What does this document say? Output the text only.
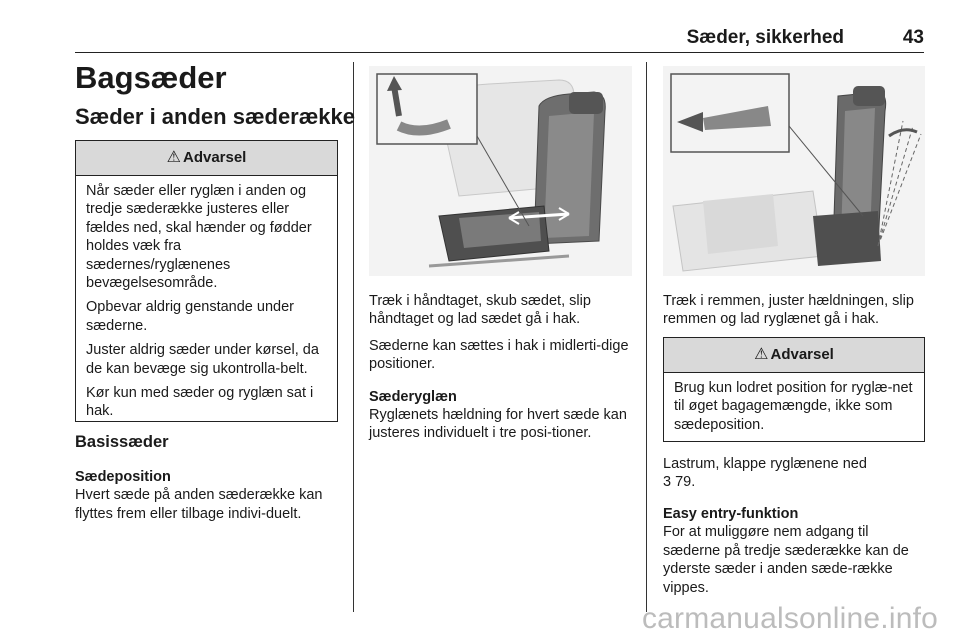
Sæder, sikkerhed	43
Bagsæder
Sæder i anden sæderække
⚠ Advarsel

Når sæder eller ryglæn i anden og tredje sæderække justeres eller fældes ned, skal hænder og fødder holdes væk fra sædernes/ryglænenes bevægelsesområde.

Opbevar aldrig genstande under sæderne.

Juster aldrig sæder under kørsel, da de kan bevæge sig ukontrolla-belt.

Kør kun med sæder og ryglæn sat i hak.

Basissæder
Sædeposition
Hvert sæde på anden sæderække kan flyttes frem eller tilbage indivi-duelt.

Træk i håndtaget, skub sædet, slip håndtaget og lad sædet gå i hak.

Sæderne kan sættes i hak i midlerti-dige positioner.

Sæderyglæn
Ryglænets hældning for hvert sæde kan justeres individuelt i tre posi-tioner.
Træk i remmen, juster hældningen, slip remmen og lad ryglænet gå i hak.
⚠ Advarsel

Brug kun lodret position for ryglæ-net til øget bagagemængde, ikke som sædeposition.

Lastrum, klappe ryglænene ned
3 79.
Easy entry-funktion
For at muliggøre nem adgang til sæderne på tredje sæderække kan de yderste sæder i anden sæde-række vippes.
carmanualsonline.info
